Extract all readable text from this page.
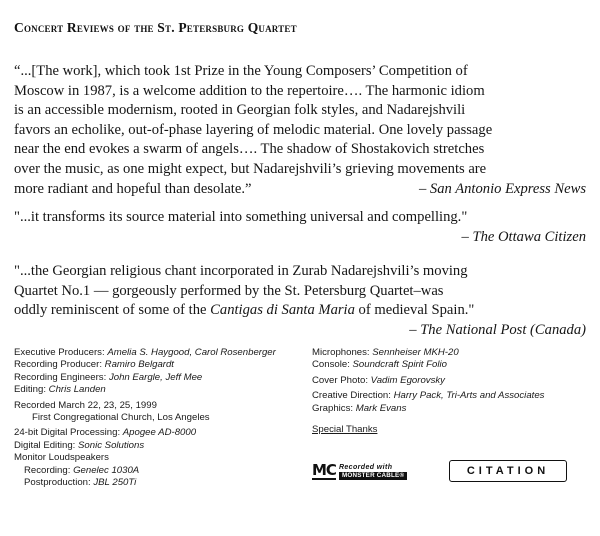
Concert Reviews of the St. Petersburg Quartet
“...[The work], which took 1st Prize in the Young Composers’ Competition of
Moscow in 1987, is a welcome addition to the repertoire…. The harmonic idiom
is an accessible modernism, rooted in Georgian folk styles, and Nadarejshvili
favors an echolike, out-of-phase layering of melodic material. One lovely passage
near the end evokes a swarm of angels…. The shadow of Shostakovich stretches
over the music, as one might expect, but Nadarejshvili’s grieving movements are
more radiant and hopeful than desolate.”	– San Antonio Express News
"...it transforms its source material into something universal and compelling."
– The Ottawa Citizen
"...the Georgian religious chant incorporated in Zurab Nadarejshvili’s moving
Quartet No.1 — gorgeously performed by the St. Petersburg Quartet–was
oddly reminiscent of some of the Cantigas di Santa Maria of medieval Spain."
– The National Post (Canada)
Executive Producers: Amelia S. Haygood, Carol Rosenberger
Recording Producer: Ramiro Belgardt
Recording Engineers: John Eargle, Jeff Mee
Editing: Chris Landen
Recorded March 22, 23, 25, 1999
First Congregational Church, Los Angeles
24-bit Digital Processing: Apogee AD-8000
Digital Editing: Sonic Solutions
Monitor Loudspeakers
Recording: Genelec 1030A
Postproduction: JBL 250Ti
Microphones: Sennheiser MKH-20
Console: Soundcraft Spirit Folio
Cover Photo: Vadim Egorovsky
Creative Direction: Harry Pack, Tri-Arts and Associates
Graphics: Mark Evans
Special Thanks
MC Recorded with
MONSTER CABLE®	CITATION
